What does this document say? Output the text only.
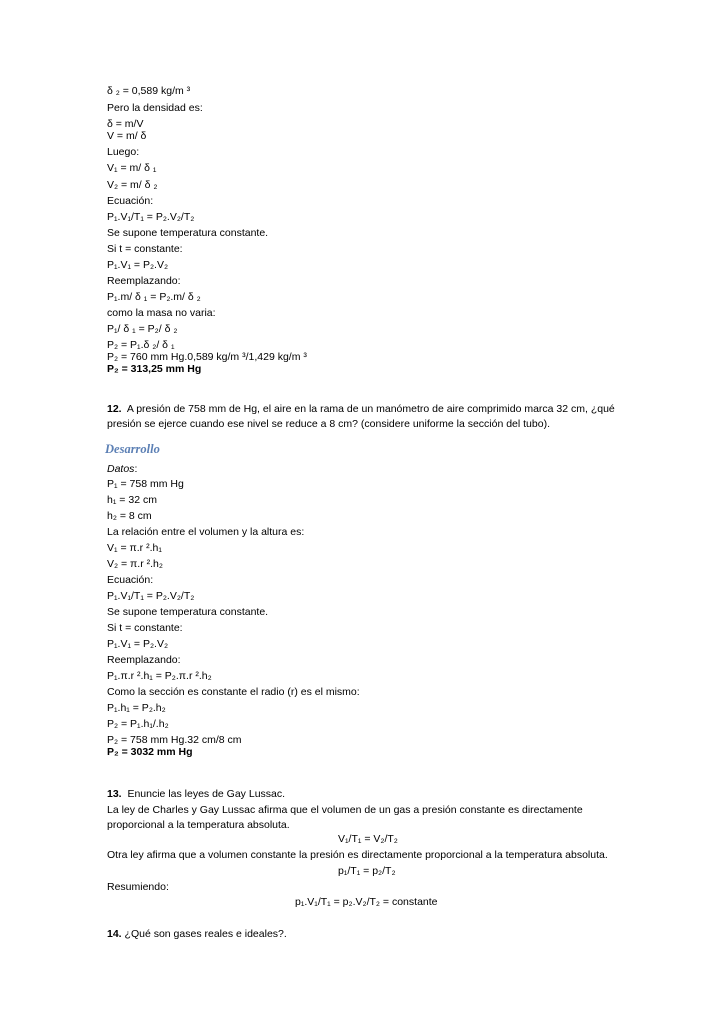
δ ₂ = 0,589 kg/m ³
Pero la densidad es:
δ = m/V
V = m/ δ
Luego:
V₁ = m/ δ ₁
V₂ = m/ δ ₂
Ecuación:
P₁.V₁/T₁ = P₂.V₂/T₂
Se supone temperatura constante.
Si t = constante:
P₁.V₁ = P₂.V₂
Reemplazando:
P₁.m/ δ ₁ = P₂.m/ δ ₂
como la masa no varia:
P₁/ δ ₁ = P₂/ δ ₂
P₂ = P₁.δ ₂/ δ ₁
P₂ = 760 mm Hg.0,589 kg/m ³/1,429 kg/m ³
P₂ = 313,25 mm Hg
12. A presión de 758 mm de Hg, el aire en la rama de un manómetro de aire comprimido marca 32 cm, ¿qué presión se ejerce cuando ese nivel se reduce a 8 cm? (considere uniforme la sección del tubo).
Desarrollo
Datos:
P₁ = 758 mm Hg
h₁ = 32 cm
h₂ = 8 cm
La relación entre el volumen y la altura es:
V₁ = π.r ².h₁
V₂ = π.r ².h₂
Ecuación:
P₁.V₁/T₁ = P₂.V₂/T₂
Se supone temperatura constante.
Si t = constante:
P₁.V₁ = P₂.V₂
Reemplazando:
P₁.π.r ².h₁ = P₂.π.r ².h₂
Como la sección es constante el radio (r) es el mismo:
P₁.h₁ = P₂.h₂
P₂ = P₁.h₁/.h₂
P₂ = 758 mm Hg.32 cm/8 cm
P₂ = 3032 mm Hg
13. Enuncie las leyes de Gay Lussac.
La ley de Charles y Gay Lussac afirma que el volumen de un gas a presión constante es directamente proporcional a la temperatura absoluta.
V₁/T₁ = V₂/T₂
Otra ley afirma que a volumen constante la presión es directamente proporcional a la temperatura absoluta.
p₁/T₁ = p₂/T₂
Resumiendo:
p₁.V₁/T₁ = p₂.V₂/T₂ = constante
14. ¿Qué son gases reales e ideales?.
